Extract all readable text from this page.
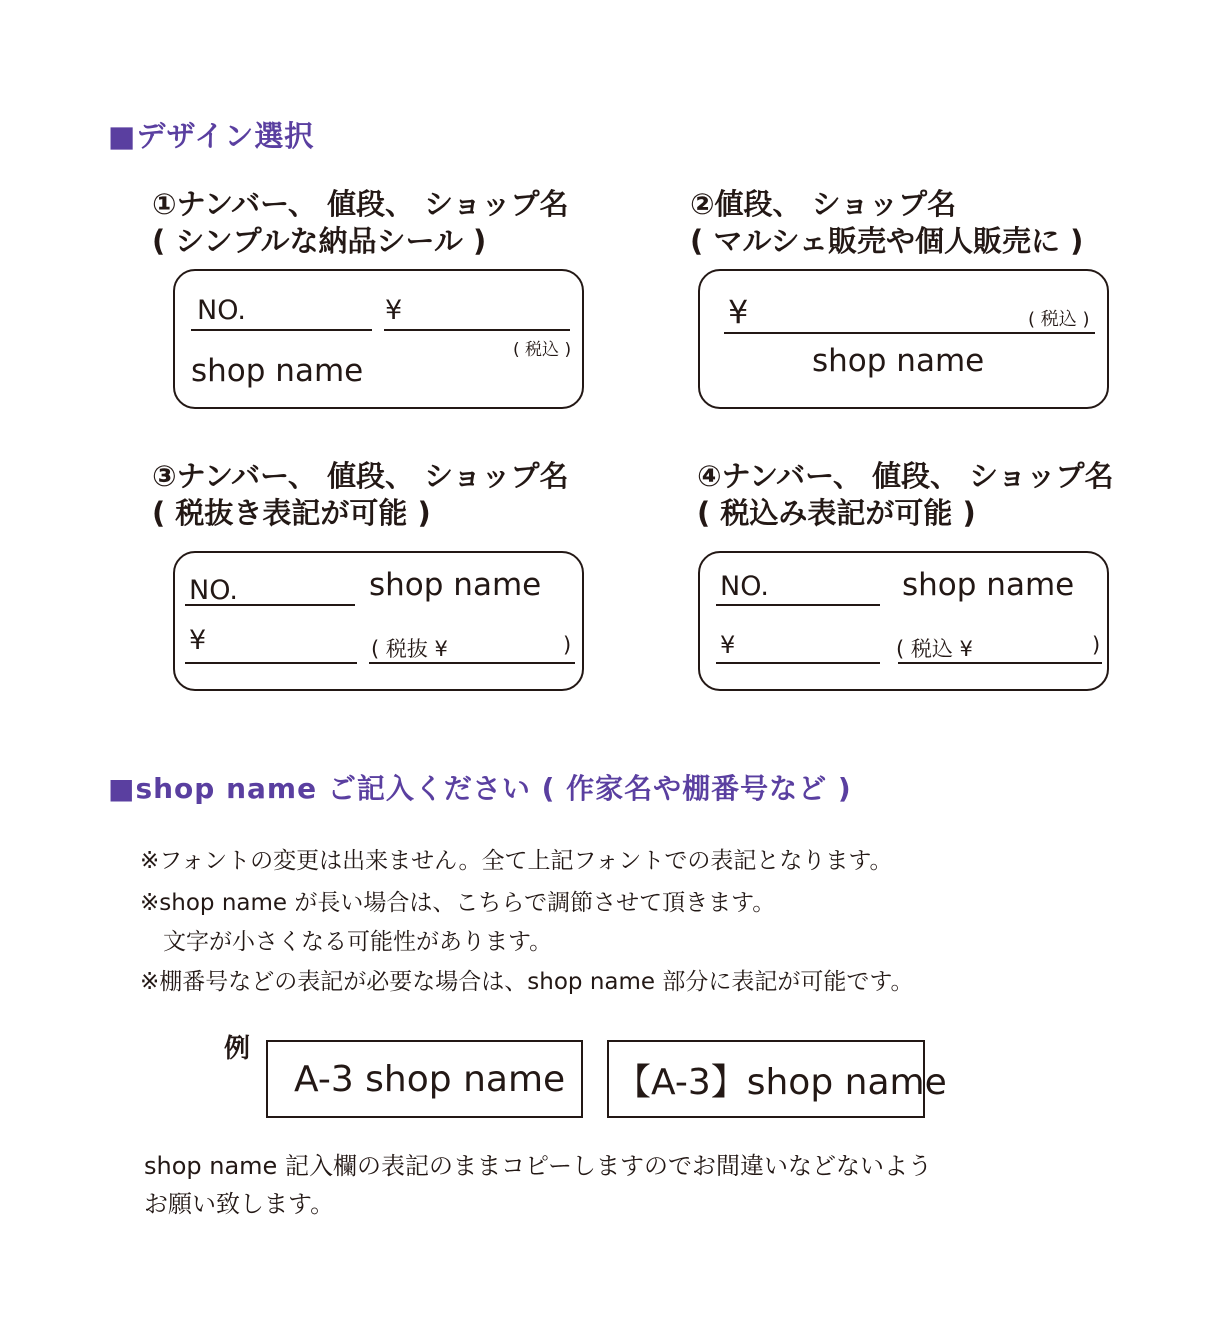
■デザイン選択
①ナンバー、 値段、 ショップ名
( シンプルな納品シール )
NO.	¥
( 税込 )
shop name
②値段、 ショップ名
( マルシェ販売や個人販売に )
¥	( 税込 )
shop name
③ナンバー、 値段、 ショップ名
( 税抜き表記が可能 )
NO.	shop name
¥	( 税抜 ¥	)
④ナンバー、 値段、 ショップ名
( 税込み表記が可能 )
NO.	shop name
¥	( 税込 ¥	)
■shop name ご記入ください ( 作家名や棚番号など )
※フォントの変更は出来ません。全て上記フォントでの表記となります。
※shop name が長い場合は、こちらで調節させて頂きます。
　文字が小さくなる可能性があります。
※棚番号などの表記が必要な場合は、shop name 部分に表記が可能です。
例
A-3 shop name	【A-3】shop name
shop name 記入欄の表記のままコピーしますのでお間違いなどないよう
お願い致します。
